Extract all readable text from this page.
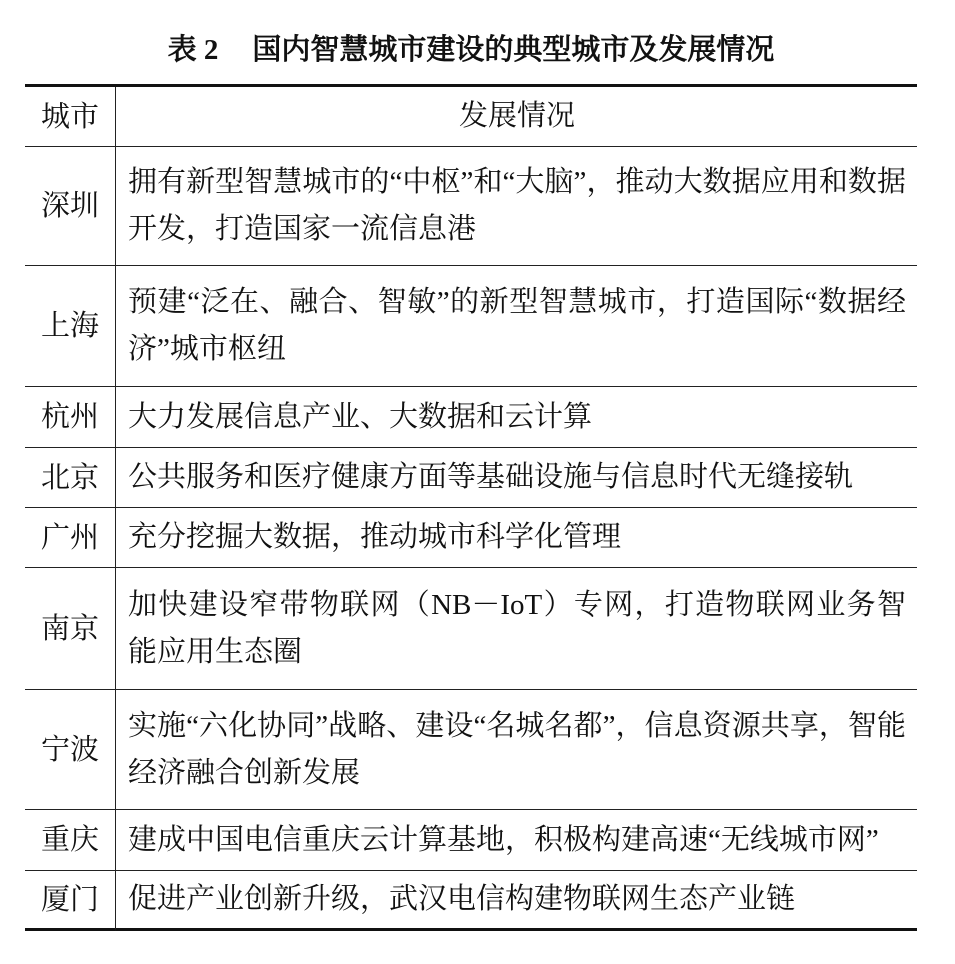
表 2 国内智慧城市建设的典型城市及发展情况
城市	发展情况
深圳	拥有新型智慧城市的“中枢”和“大脑”，推动大数据应用和数据开发，打造国家一流信息港
上海	预建“泛在、融合、智敏”的新型智慧城市，打造国际“数据经济”城市枢纽
杭州	大力发展信息产业、大数据和云计算
北京	公共服务和医疗健康方面等基础设施与信息时代无缝接轨
广州	充分挖掘大数据，推动城市科学化管理
南京	加快建设窄带物联网（NB－IoT）专网，打造物联网业务智能应用生态圈
宁波	实施“六化协同”战略、建设“名城名都”，信息资源共享，智能经济融合创新发展
重庆	建成中国电信重庆云计算基地，积极构建高速“无线城市网”
厦门	促进产业创新升级，武汉电信构建物联网生态产业链
